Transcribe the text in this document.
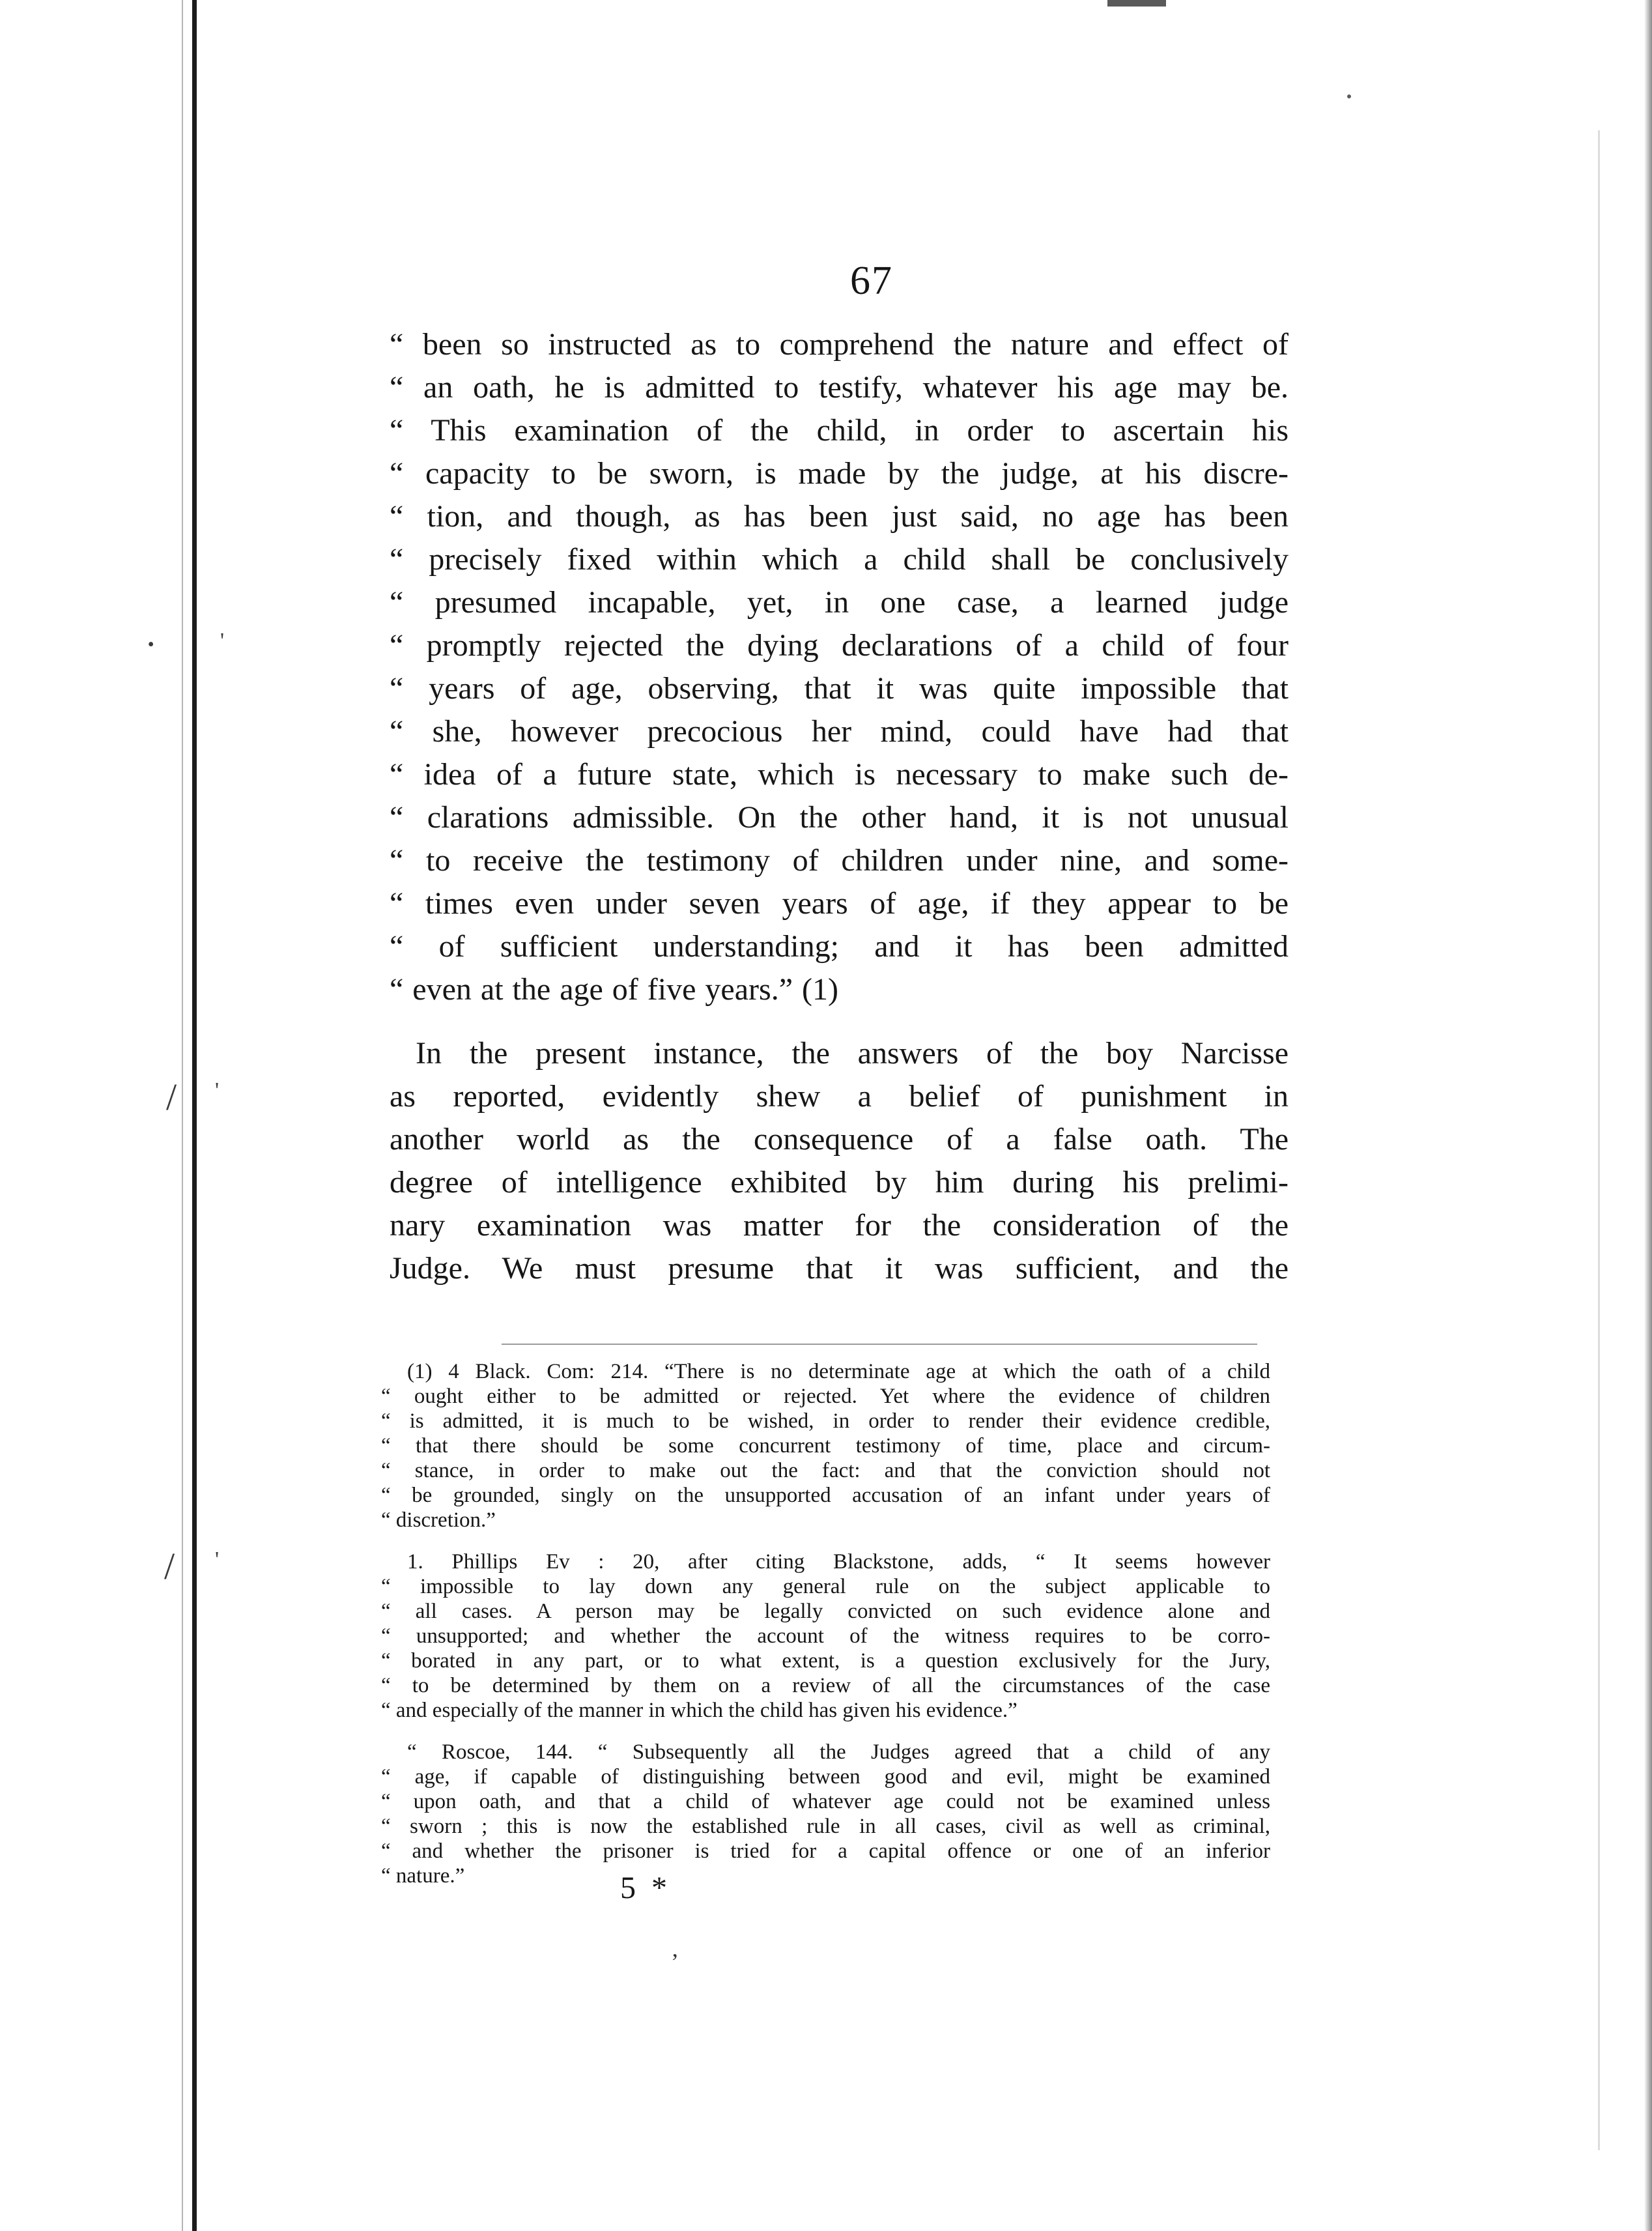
·	'
/ '
/ '
67
“ been so instructed as to comprehend the nature and effect of
“ an oath, he is admitted to testify, whatever his age may be.
“ This examination of the child, in order to ascertain his
“ capacity to be sworn, is made by the judge, at his discre-
“ tion, and though, as has been just said, no age has been
“ precisely fixed within which a child shall be conclusively
“ presumed incapable, yet, in one case, a learned judge
“ promptly rejected the dying declarations of a child of four
“ years of age, observing, that it was quite impossible that
“ she, however precocious her mind, could have had that
“ idea of a future state, which is necessary to make such de-
“ clarations admissible. On the other hand, it is not unusual
“ to receive the testimony of children under nine, and some-
“ times even under seven years of age, if they appear to be
“ of sufficient understanding; and it has been admitted
“ even at the age of five years.” (1)
In the present instance, the answers of the boy Narcisse
as reported, evidently shew a belief of punishment in
another world as the consequence of a false oath. The
degree of intelligence exhibited by him during his prelimi-
nary examination was matter for the consideration of the
Judge. We must presume that it was sufficient, and the
(1) 4 Black. Com: 214. “There is no determinate age at which the oath of a child
“ ought either to be admitted or rejected. Yet where the evidence of children
“ is admitted, it is much to be wished, in order to render their evidence credible,
“ that there should be some concurrent testimony of time, place and circum-
“ stance, in order to make out the fact: and that the conviction should not
“ be grounded, singly on the unsupported accusation of an infant under years of
“ discretion.”
1. Phillips Ev : 20, after citing Blackstone, adds, “ It seems however
“ impossible to lay down any general rule on the subject applicable to
“ all cases. A person may be legally convicted on such evidence alone and
“ unsupported; and whether the account of the witness requires to be corro-
“ borated in any part, or to what extent, is a question exclusively for the Jury,
“ to be determined by them on a review of all the circumstances of the case
“ and especially of the manner in which the child has given his evidence.”
“ Roscoe, 144. “ Subsequently all the Judges agreed that a child of any
“ age, if capable of distinguishing between good and evil, might be examined
“ upon oath, and that a child of whatever age could not be examined unless
“ sworn ; this is now the established rule in all cases, civil as well as criminal,
“ and whether the prisoner is tried for a capital offence or one of an inferior
“ nature.”	5 *
ʼ
